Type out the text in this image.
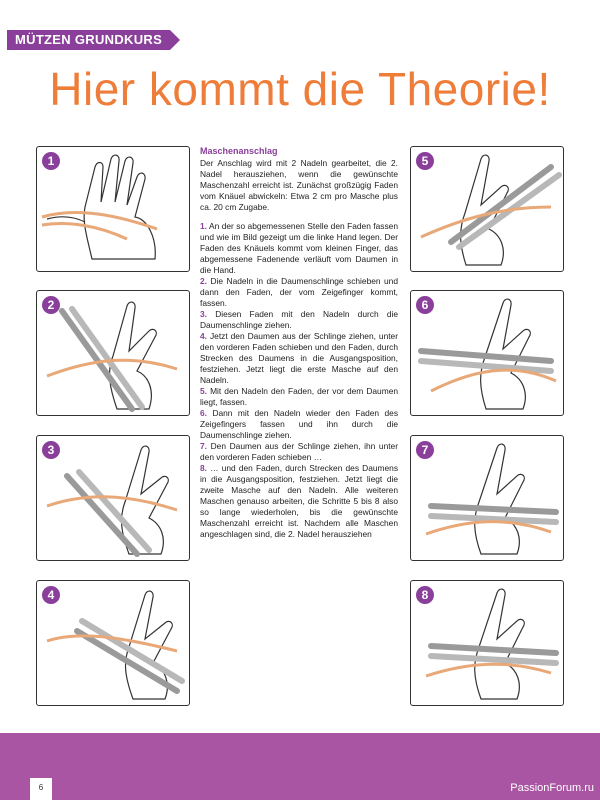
MÜTZEN GRUNDKURS
Hier kommt die Theorie!
1
2
3
4
5
6
7
8
Maschenanschlag

Der Anschlag wird mit 2 Nadeln gearbeitet, die 2. Nadel herausziehen, wenn die gewünschte Maschenzahl erreicht ist. Zunächst großzügig Faden vom Knäuel abwickeln: Etwa 2 cm pro Masche plus ca. 20 cm Zugabe.

1. An der so abgemessenen Stelle den Faden fassen und wie im Bild gezeigt um die linke Hand legen. Der Faden des Knäuels kommt vom kleinen Finger, das abgemessene Fadenende verläuft vom Daumen in die Hand.

2. Die Nadeln in die Daumenschlinge schieben und dann den Faden, der vom Zeigefinger kommt, fassen.

3. Diesen Faden mit den Nadeln durch die Daumenschlinge ziehen.

4. Jetzt den Daumen aus der Schlinge ziehen, unter den vorderen Faden schieben und den Faden, durch Strecken des Daumens in die Ausgangsposition, festziehen. Jetzt liegt die erste Masche auf den Nadeln.

5. Mit den Nadeln den Faden, der vor dem Daumen liegt, fassen.

6. Dann mit den Nadeln wieder den Faden des Zeigefingers fassen und ihn durch die Daumenschlinge ziehen.

7. Den Daumen aus der Schlinge ziehen, ihn unter den vorderen Faden schieben …

8. … und den Faden, durch Strecken des Daumens in die Ausgangsposition, festziehen. Jetzt liegt die zweite Masche auf den Nadeln. Alle weiteren Maschen genauso arbeiten, die Schritte 5 bis 8 also so lange wiederholen, bis die gewünschte Maschenzahl erreicht ist. Nachdem alle Maschen angeschlagen sind, die 2. Nadel herausziehen

6	PassionForum.ru
